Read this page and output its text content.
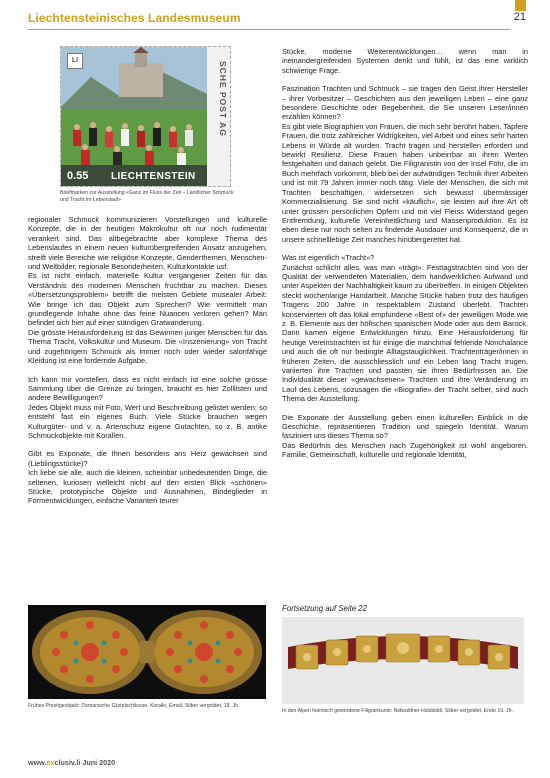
Liechtensteinisches Landesmuseum	21
LI
0.55 LIECHTENSTEIN
SCHE POST AG
Briefmarken zur Ausstellung «Ganz im Fluss der Zeit – Ländlicher Schmuck und Tracht im Lebenslauf»

regionaler Schmuck kommunizieren Vorstellungen und kulturelle Konzepte, die in der heutigen Makrokultur oft nur noch rudimentär verankert sind. Das altbegebrachte aber komplexe Thema des Lebenslaufes in einem neuen kulturübergreifenden Ansatz anzugehen, streift viele Bereiche wie religiöse Konzepte, Genderthemen, Menschen- und Weltbilder, regionale Besonderheiten, Kulturkontakte usf.

Es ist nicht einfach, materielle Kultur vergangener Zeiten für das Verständnis des modernen Menschen fruchtbar zu machen. Dieses «Übersetzungsproblem» betrifft die meisten Gebiete musealer Arbeit: Wie bringe ich das Objekt zum Sprechen? Wie vermittelt man grundlegende Inhalte ohne das feine Nuancen verloren gehen? Man befindet sich hier auf einer ständigen Gratwanderung.

Die grösste Herausforderung ist das Gewinnen junger Menschen für das Thema Tracht, Volkskultur und Museum. Die «Inszenierung» von Tracht und zugehörigem Schmuck als immer noch oder wieder salonfähige Kleidung ist eine fordernde Aufgabe.

Ich kann mir vorstellen, dass es nicht einfach ist eine solche grosse Sammlung über die Grenze zu bringen, braucht es hier Zolllisten und andere Bewilligungen?

Jedes Objekt muss mit Foto, Wert und Beschreibung gelistet werden; so entsteht fast ein eigenes Buch. Viele Stücke brauchen wegen Kulturgüter- und v. a. Artenschutz eigene Gutachten, so z. B. antike Schmuckobjekte mit Korallen.

Gibt es Exponate, die Ihnen besonders ans Herz gewachsen sind (Lieblingsstücke)?

Ich liebe sie alle, auch die kleinen, scheinbar unbedeutenden Dinge, die seltenen, kuriosen vielleicht nicht auf den ersten Blick «schönen» Stücke, prototypische Objekte und Ausnahmen, Bindeglieder in Formentwicklungen, einfache Varianten teurer

Stücke, moderne Weiterentwicklungen… wenn man in ineinandergreifenden Systemen denkt und fühlt, ist das eine wirklich schwierige Frage.

Faszination Trachten und Schmuck – sie tragen den Geist ihrer Hersteller – ihrer Vorbesitzer – Geschichten aus den jeweiligen Leben – eine ganz besondere Geschichte oder Begebenheit, die Sie unseren Leser/innen erzählen können?

Es gibt viele Biographien von Frauen, die mich sehr berührt haben. Tapfere Frauen, die trotz zahlreicher Widrigkeiten, viel Arbeit und eines sehr harten Lebens in Würde alt wurden. Tracht tragen und herstellen erfordert und bewirkt Resilienz. Diese Frauen haben unbeirrbar an ihren Werten festgehalten und danach gelebt. Die Filigranistin von der Insel Föhr, die im Buch mehrfach vorkommt, blieb bei der aufwändigen Technik ihrer Arbeiten und ist mit 79 Jahren immer noch tätig. Viele der Menschen, die sich mit Trachten beschäftigen, widersetzen sich bewusst übermässiger Kommerzialisierung. Sie sind nicht «käuflich», sie leisten auf ihre Art oft unter grossen persönlichen Opfern und mit viel Fleiss Widerstand gegen Entfremdung, kulturelle Vereinheitlichung und Massenproduktion. Es ist eben diese nur noch selten zu findende Ausdauer und Konsequenz, die in unsere schnelllebige Zeit manches hinübergerettet hat.

Was ist eigentlich «Tracht»?

Zunächst schlicht alles, was man «trägt». Festtagstrachten sind von der Qualität der verwendeten Materialien, dem handwerklichen Aufwand und unter Aspekten der Nachhaltigkeit kaum zu übertreffen. In einigen Objekten steckt wochenlange Handarbeit. Manche Stücke haben trotz des häufigen Tragens 200 Jahre in respektablem Zustand überlebt. Trachten konservierten oft das lokal empfundene «Best of» der jeweiligen Mode wie z. B. Elemente aus der höfischen spanischen Mode oder aus dem Barock. Dann kamen eigene Entwicklungen hinzu. Eine Herausforderung für heutige Vereinstrachten ist für einige die manchmal fehlende Nonchalance und auch die oft nur bedingte Alltagstauglichkeit. Trachtenträger/innen in früheren Zeiten, die ausschliesslich und ein Leben lang Tracht trugen, variierten ihre Trachten und passten sie ihren Bedürfnissen an. Die Individualität dieser «gewachsenen» Trachten und ihre Veränderung im Lauf des Lebens, sozusagen die «Biografie» der Tracht selber, sind auch Thema der Ausstellung.

Die Exponate der Ausstellung geben einen kulturellen Einblick in die Geschichte, repräsentieren Tradition und spiegeln Identität. Warum fasziniert uns dieses Thema so?

Das Bedürfnis des Menschen nach Zugehörigkeit ist wohl angeboren. Familie, Gemeinschaft, kulturelle und regionale Identität,

Frühes Prestigeobjekt: Osmanische Gürtelschliesse, Koralle, Email, Silber vergoldet, 18. Jh.
Fortsetzung auf Seite 22
In den Alpen heimisch gewordene Filigrankunst: Nidwaldner Halsblätli, Silber vergoldet, Ende 19. Jh.
www.exclusiv.li Juni 2020
